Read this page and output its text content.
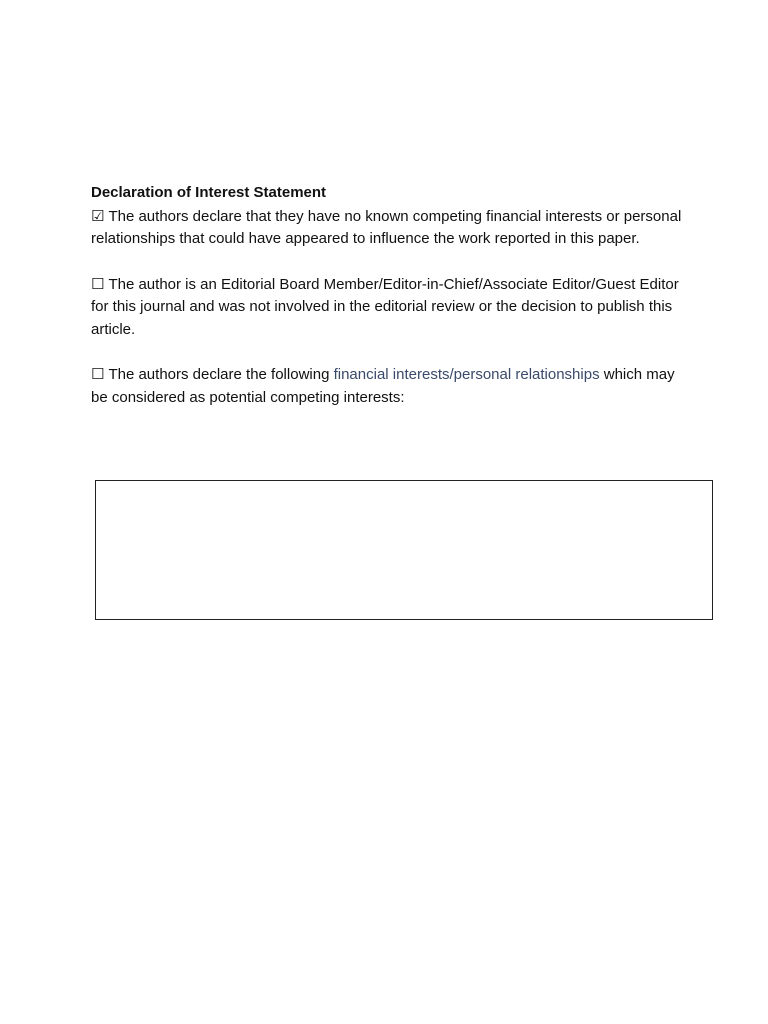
Declaration of Interest Statement

☑ The authors declare that they have no known competing financial interests or personal relationships that could have appeared to influence the work reported in this paper.

☐ The author is an Editorial Board Member/Editor-in-Chief/Associate Editor/Guest Editor for this journal and was not involved in the editorial review or the decision to publish this article.

☐ The authors declare the following financial interests/personal relationships which may be considered as potential competing interests:
